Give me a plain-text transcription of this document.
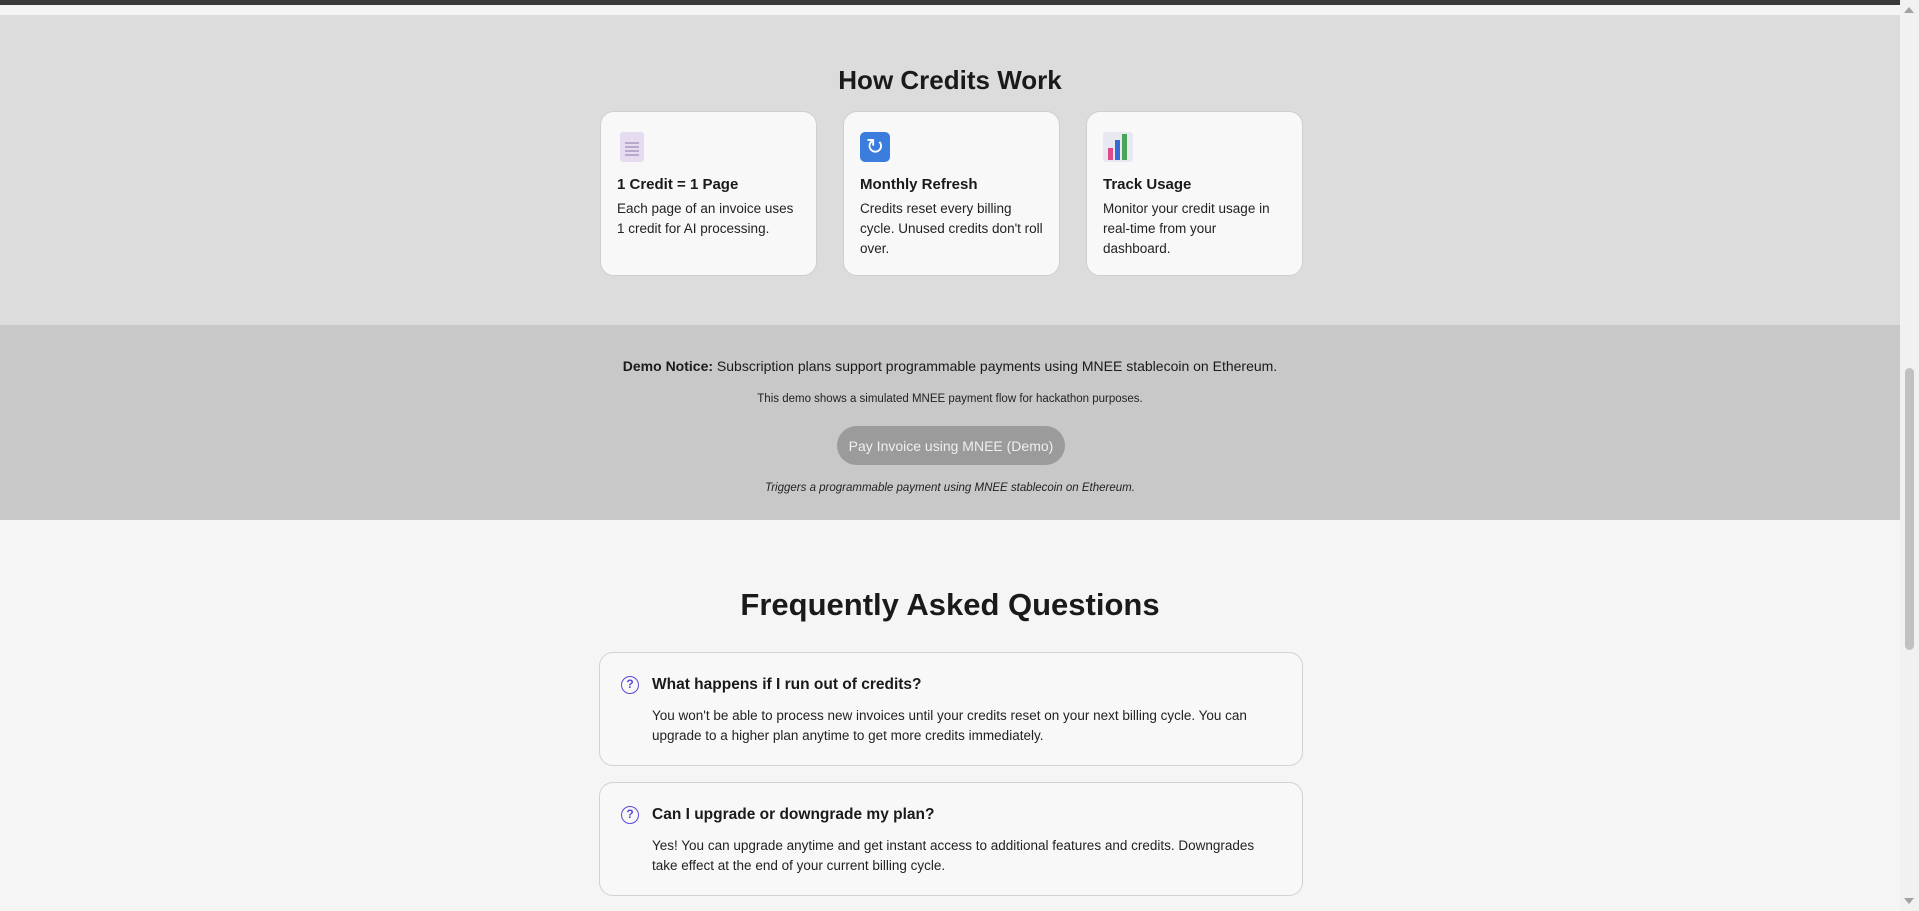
How Credits Work
1 Credit = 1 Page
Each page of an invoice uses 1 credit for AI processing.
↻
Monthly Refresh
Credits reset every billing cycle. Unused credits don't roll over.
Track Usage
Monitor your credit usage in real-time from your dashboard.

Demo Notice: Subscription plans support programmable payments using MNEE stablecoin on Ethereum.

This demo shows a simulated MNEE payment flow for hackathon purposes.

Pay Invoice using MNEE (Demo)

Triggers a programmable payment using MNEE stablecoin on Ethereum.

Frequently Asked Questions
?	What happens if I run out of credits?
You won't be able to process new invoices until your credits reset on your next billing cycle. You can upgrade to a higher plan anytime to get more credits immediately.
?	Can I upgrade or downgrade my plan?
Yes! You can upgrade anytime and get instant access to additional features and credits. Downgrades take effect at the end of your current billing cycle.
